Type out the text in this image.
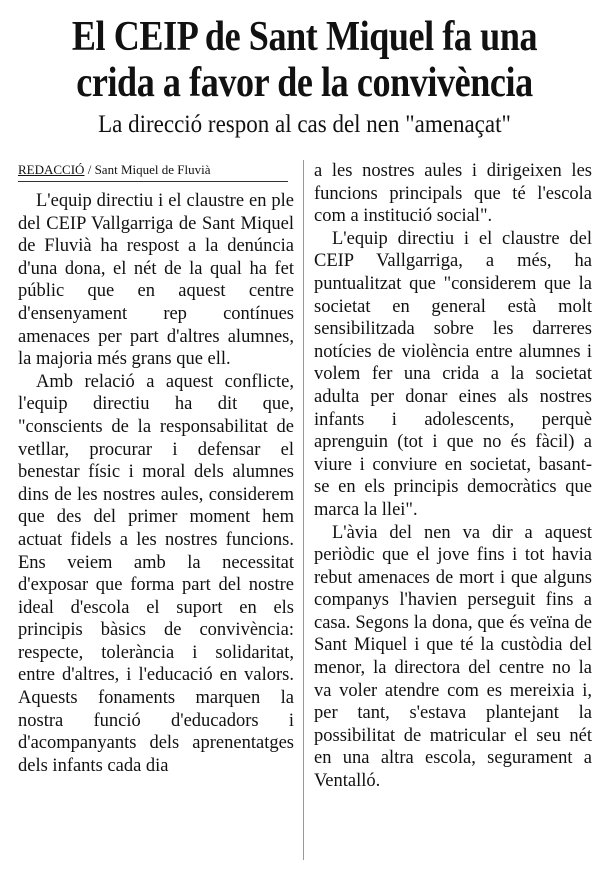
El CEIP de Sant Miquel fa una
crida a favor de la convivència
La direcció respon al cas del nen "amenaçat"
REDACCIÓ / Sant Miquel de Fluvià

L'equip directiu i el claustre en ple del CEIP Vallgarriga de Sant Miquel de Fluvià ha respost a la denúncia d'una dona, el nét de la qual ha fet públic que en aquest centre d'ensenyament rep contínues amenaces per part d'altres alumnes, la majoria més grans que ell.

Amb relació a aquest conflicte, l'equip directiu ha dit que, "conscients de la responsabilitat de vetllar, procurar i defensar el benestar físic i moral dels alumnes dins de les nostres aules, considerem que des del primer moment hem actuat fidels a les nostres funcions. Ens veiem amb la necessitat d'exposar que forma part del nostre ideal d'escola el suport en els principis bàsics de convivència: respecte, tolerància i solidaritat, entre d'altres, i l'educació en valors. Aquests fonaments marquen la nostra funció d'educadors i d'acompanyants dels aprenentatges dels infants cada dia

a les nostres aules i dirigeixen les funcions principals que té l'escola com a institució social".

L'equip directiu i el claustre del CEIP Vallgarriga, a més, ha puntualitzat que "considerem que la societat en general està molt sensibilitzada sobre les darreres notícies de violència entre alumnes i volem fer una crida a la societat adulta per donar eines als nostres infants i adolescents, perquè aprenguin (tot i que no és fàcil) a viure i conviure en societat, basant-se en els principis democràtics que marca la llei".

L'àvia del nen va dir a aquest periòdic que el jove fins i tot havia rebut amenaces de mort i que alguns companys l'havien perseguit fins a casa. Segons la dona, que és veïna de Sant Miquel i que té la custòdia del menor, la directora del centre no la va voler atendre com es mereixia i, per tant, s'estava plantejant la possibilitat de matricular el seu nét en una altra escola, segurament a Ventalló.
